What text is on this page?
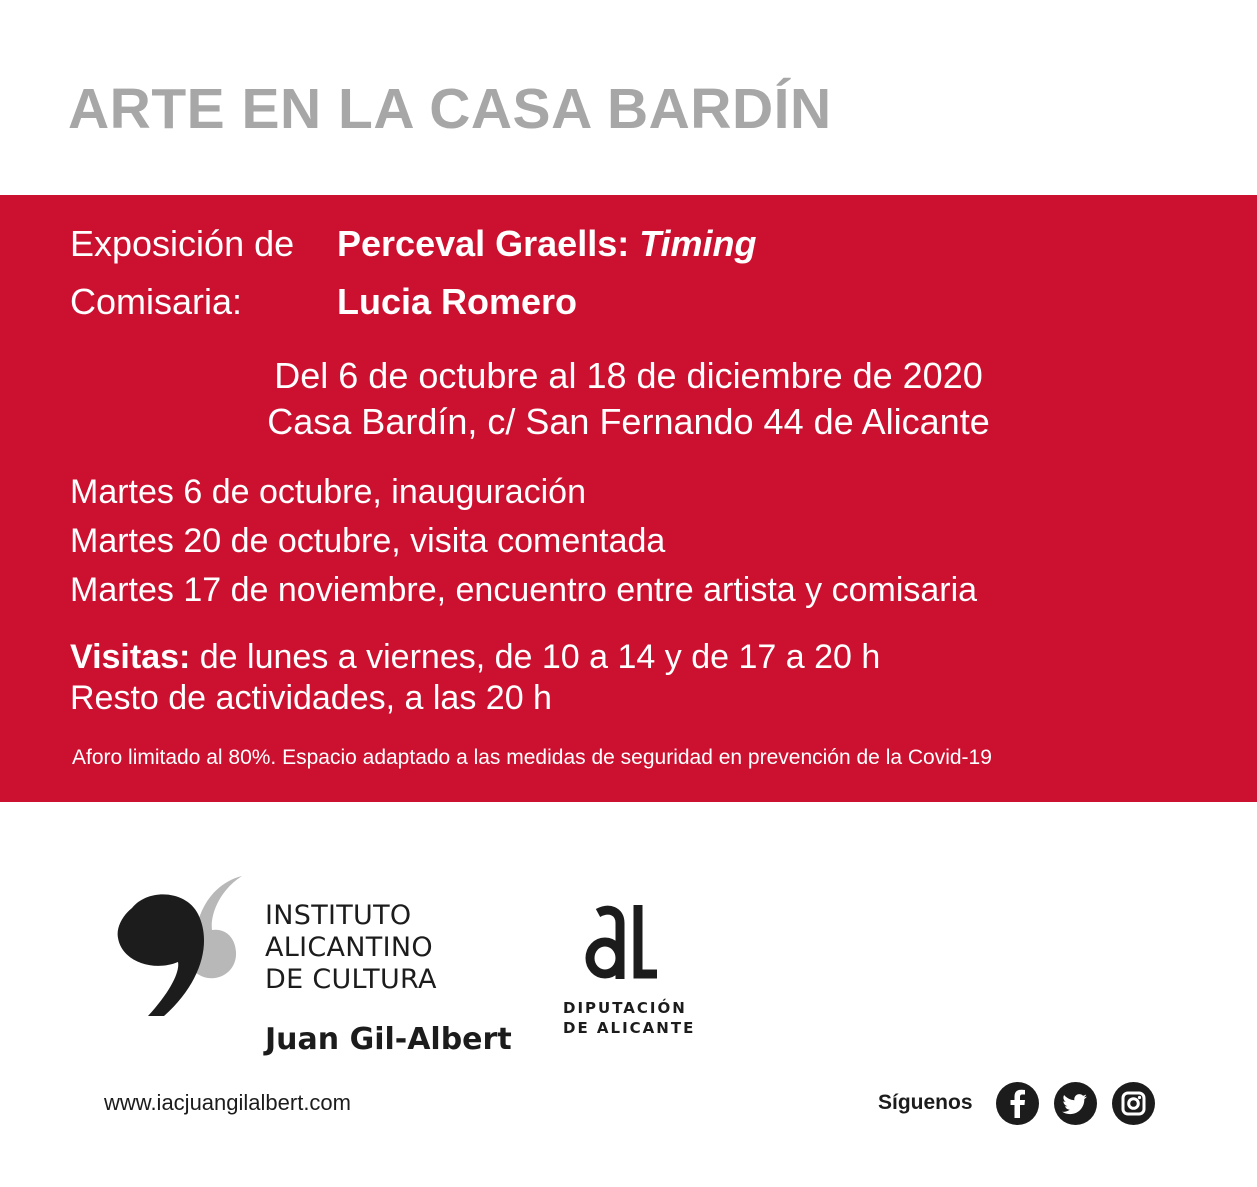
ARTE EN LA CASA BARDÍN
Exposición de Perceval Graells: Timing
Comisaria:	Lucia Romero
Del 6 de octubre al 18 de diciembre de 2020
Casa Bardín, c/ San Fernando 44 de Alicante
Martes 6 de octubre, inauguración
Martes 20 de octubre, visita comentada
Martes 17 de noviembre, encuentro entre artista y comisaria
Visitas: de lunes a viernes, de 10 a 14 y de 17 a 20 h
Resto de actividades, a las 20 h
Aforo limitado al 80%. Espacio adaptado a las medidas de seguridad en prevención de la Covid-19
INSTITUTO
ALICANTINO
DE CULTURA
Juan Gil-Albert
DIPUTACIÓN
DE ALICANTE
www.iacjuangilalbert.com	Síguenos
